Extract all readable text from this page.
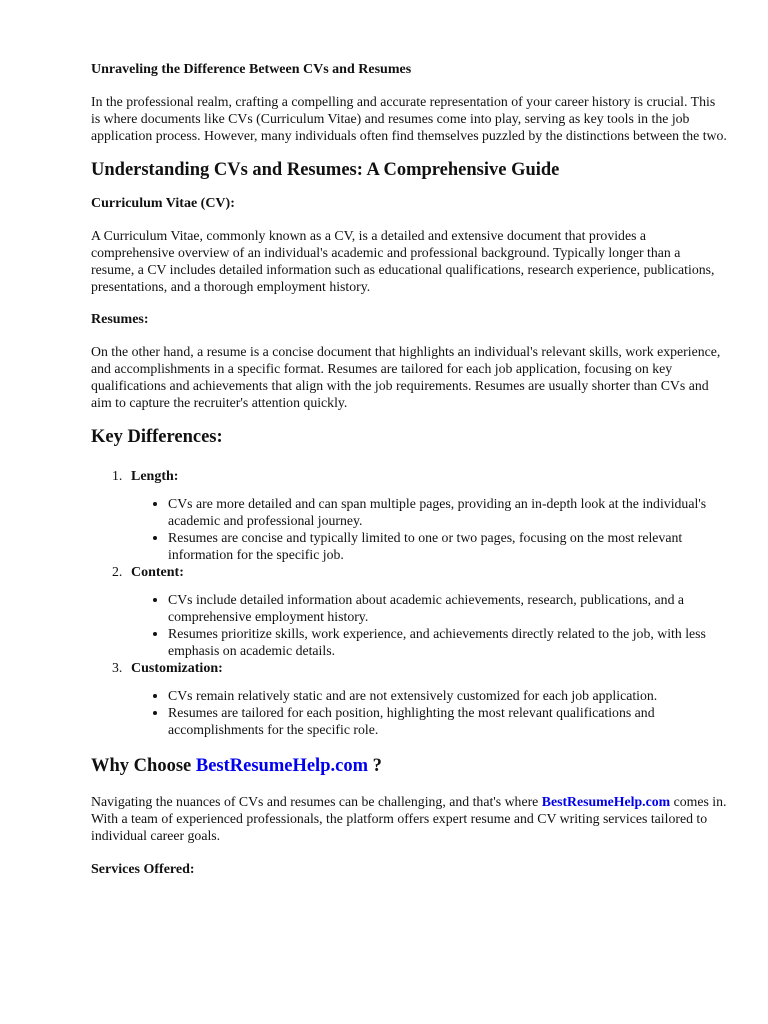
Unraveling the Difference Between CVs and Resumes

In the professional realm, crafting a compelling and accurate representation of your career history is crucial. This is where documents like CVs (Curriculum Vitae) and resumes come into play, serving as key tools in the job application process. However, many individuals often find themselves puzzled by the distinctions between the two.

Understanding CVs and Resumes: A Comprehensive Guide
Curriculum Vitae (CV):

A Curriculum Vitae, commonly known as a CV, is a detailed and extensive document that provides a comprehensive overview of an individual's academic and professional background. Typically longer than a resume, a CV includes detailed information such as educational qualifications, research experience, publications, presentations, and a thorough employment history.

Resumes:

On the other hand, a resume is a concise document that highlights an individual's relevant skills, work experience, and accomplishments in a specific format. Resumes are tailored for each job application, focusing on key qualifications and achievements that align with the job requirements. Resumes are usually shorter than CVs and aim to capture the recruiter's attention quickly.

Key Differences:
1. Length:
• CVs are more detailed and can span multiple pages, providing an in-depth look at the individual's academic and professional journey.
• Resumes are concise and typically limited to one or two pages, focusing on the most relevant information for the specific job.
2. Content:
• CVs include detailed information about academic achievements, research, publications, and a comprehensive employment history.
• Resumes prioritize skills, work experience, and achievements directly related to the job, with less emphasis on academic details.
3. Customization:
• CVs remain relatively static and are not extensively customized for each job application.
• Resumes are tailored for each position, highlighting the most relevant qualifications and accomplishments for the specific role.
Why Choose BestResumeHelp.com ?

Navigating the nuances of CVs and resumes can be challenging, and that's where BestResumeHelp.com comes in. With a team of experienced professionals, the platform offers expert resume and CV writing services tailored to individual career goals.

Services Offered:
